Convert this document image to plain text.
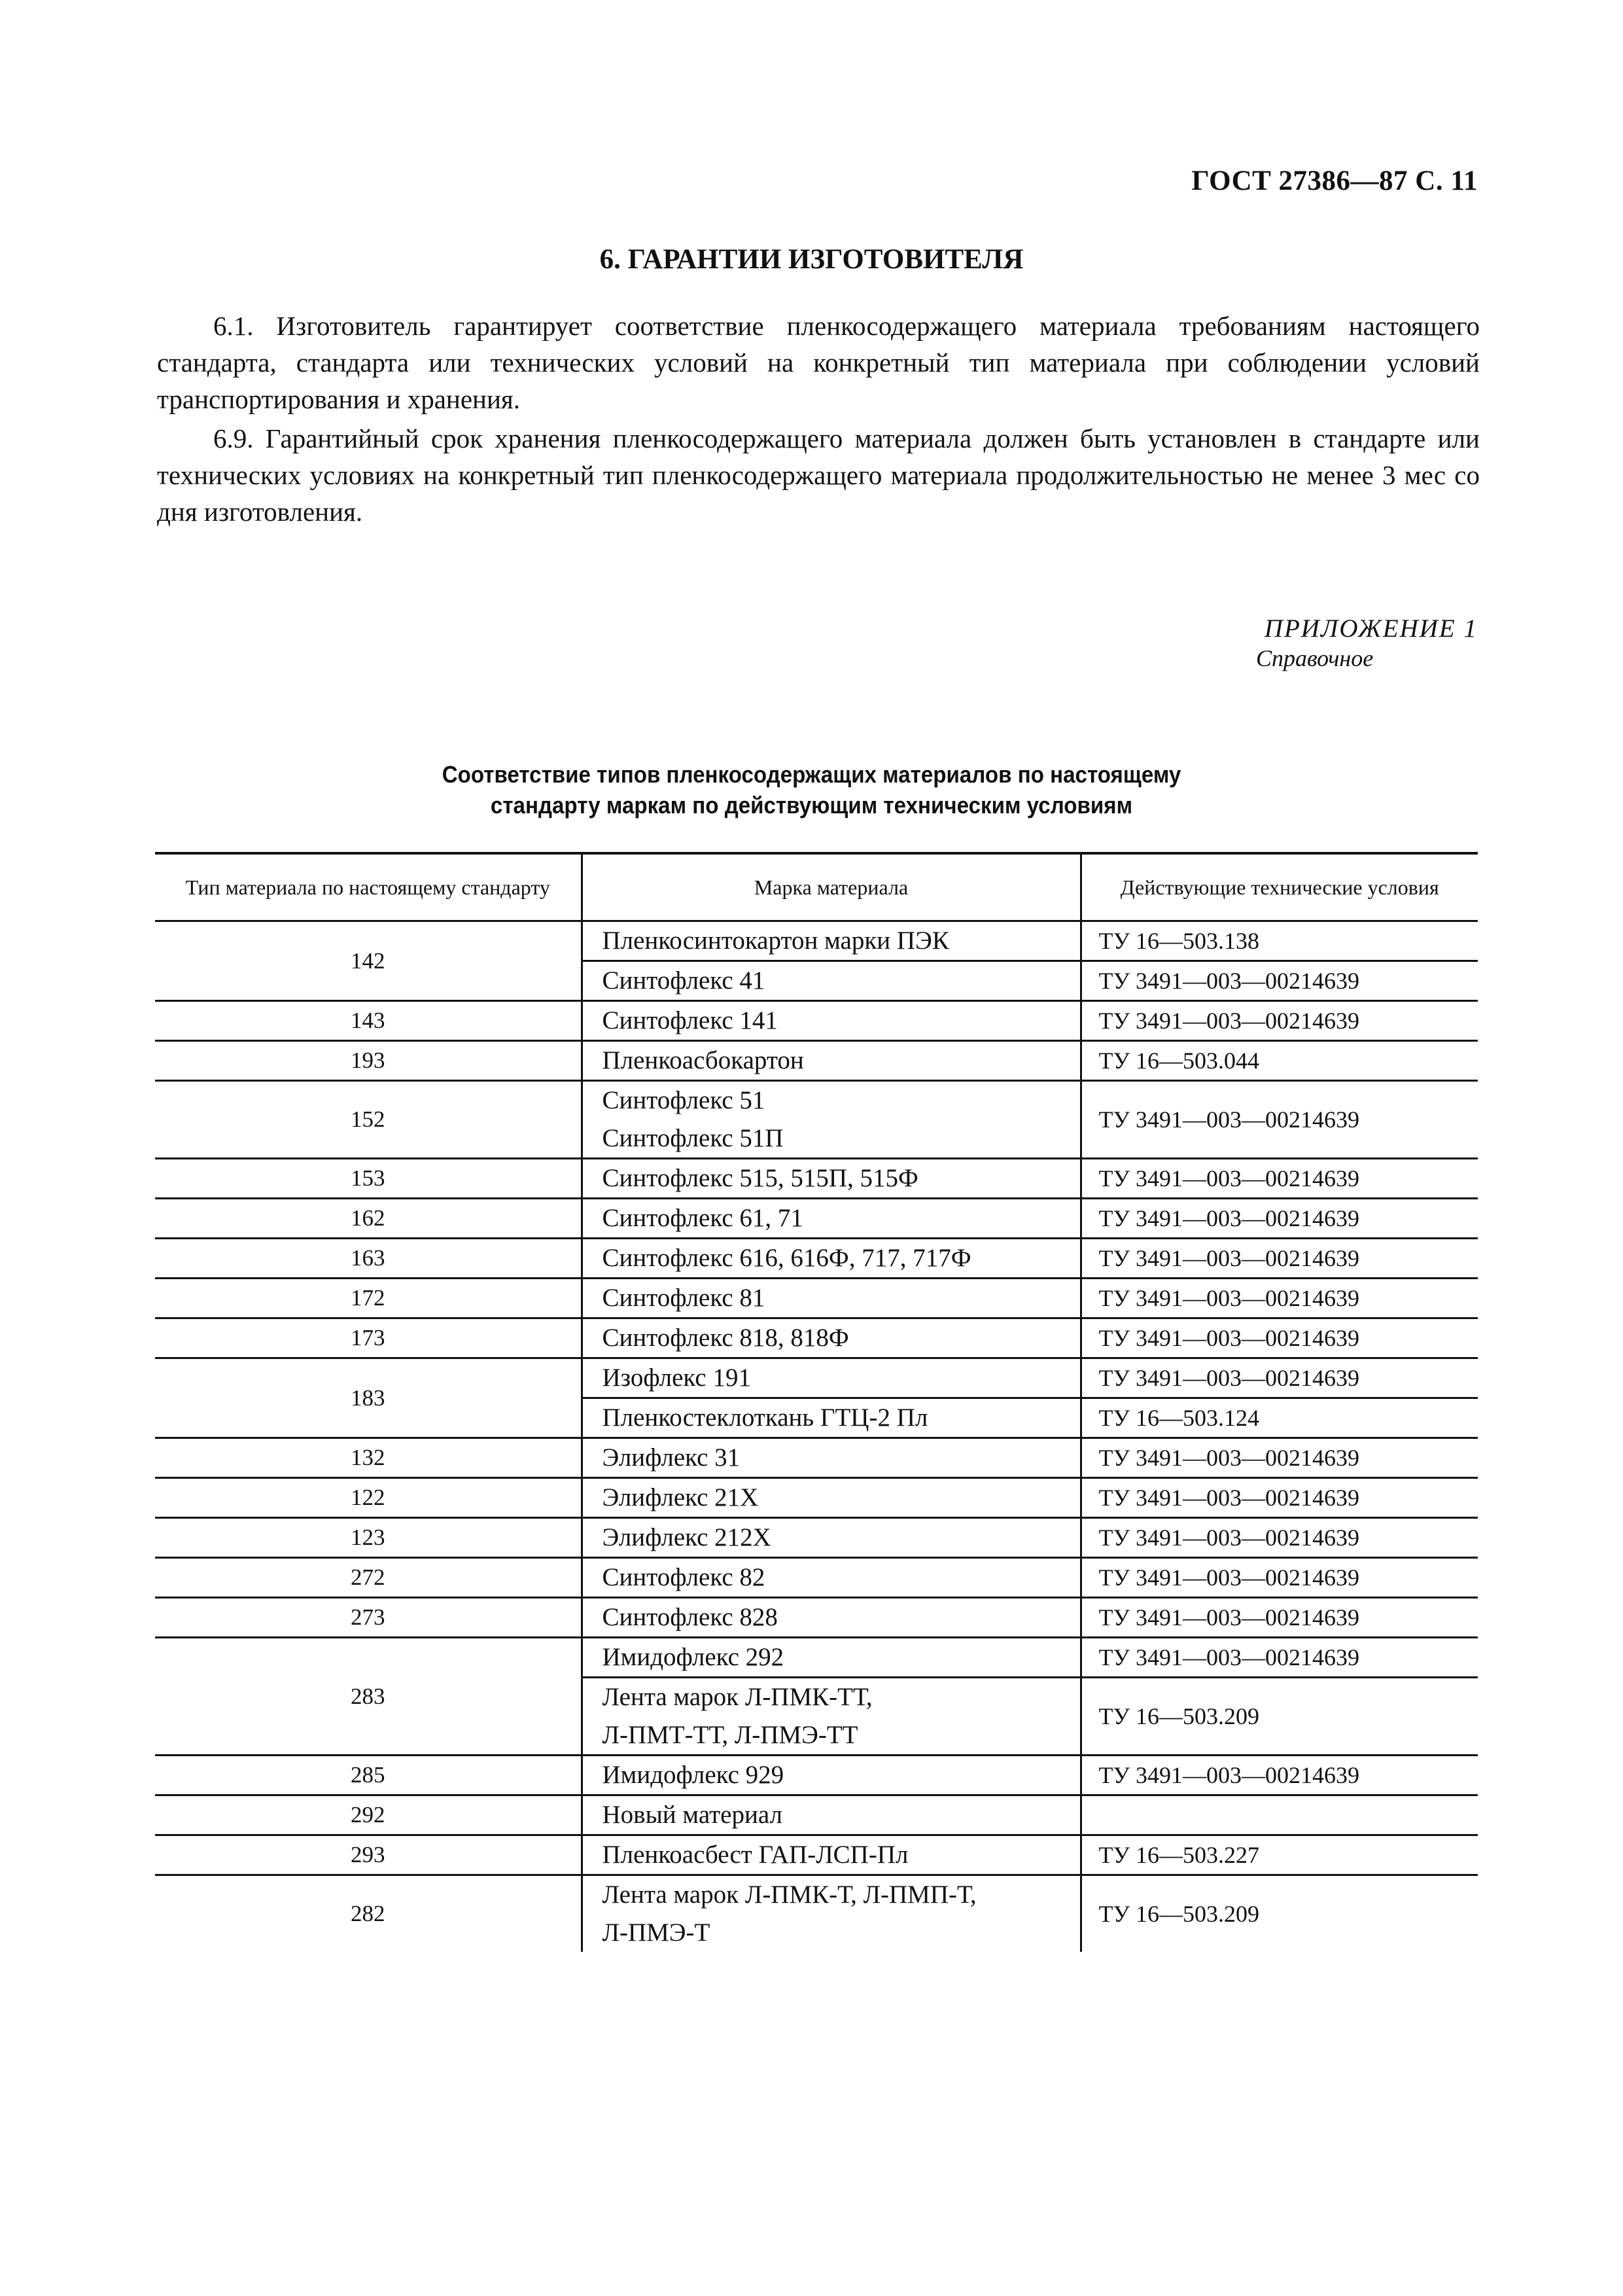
ГОСТ 27386—87 С. 11
6. ГАРАНТИИ ИЗГОТОВИТЕЛЯ
6.1. Изготовитель гарантирует соответствие пленкосодержащего материала требованиям настоящего стандарта, стандарта или технических условий на конкретный тип материала при соблюдении условий транспортирования и хранения.
6.9. Гарантийный срок хранения пленкосодержащего материала должен быть установлен в стандарте или технических условиях на конкретный тип пленкосодержащего материала продолжительностью не менее 3 мес со дня изготовления.
ПРИЛОЖЕНИЕ 1
Справочное
Соответствие типов пленкосодержащих материалов по настоящему
стандарту маркам по действующим техническим условиям
Тип материала по настоящему стандарту	Марка материала	Действующие технические условия
142	Пленкосинтокартон марки ПЭК	ТУ 16—503.138
	Синтофлекс 41	ТУ 3491—003—00214639
143	Синтофлекс 141	ТУ 3491—003—00214639
193	Пленкоасбокартон	ТУ 16—503.044
152	Синтофлекс 51
Синтофлекс 51П	ТУ 3491—003—00214639
153	Синтофлекс 515, 515П, 515Ф	ТУ 3491—003—00214639
162	Синтофлекс 61, 71	ТУ 3491—003—00214639
163	Синтофлекс 616, 616Ф, 717, 717Ф	ТУ 3491—003—00214639
172	Синтофлекс 81	ТУ 3491—003—00214639
173	Синтофлекс 818, 818Ф	ТУ 3491—003—00214639
183	Изофлекс 191	ТУ 3491—003—00214639
	Пленкостеклоткань ГТЦ-2 Пл	ТУ 16—503.124
132	Элифлекс 31	ТУ 3491—003—00214639
122	Элифлекс 21Х	ТУ 3491—003—00214639
123	Элифлекс 212Х	ТУ 3491—003—00214639
272	Синтофлекс 82	ТУ 3491—003—00214639
273	Синтофлекс 828	ТУ 3491—003—00214639
283	Имидофлекс 292	ТУ 3491—003—00214639

	Лента марок Л-ПМК-ТТ,
Л-ПМТ-ТТ, Л-ПМЭ-ТТ	ТУ 16—503.209
285	Имидофлекс 929	ТУ 3491—003—00214639
292	Новый материал	
293	Пленкоасбест ГАП-ЛСП-Пл	ТУ 16—503.227
282	Лента марок Л-ПМК-Т, Л-ПМП-Т,
Л-ПМЭ-Т	ТУ 16—503.209
